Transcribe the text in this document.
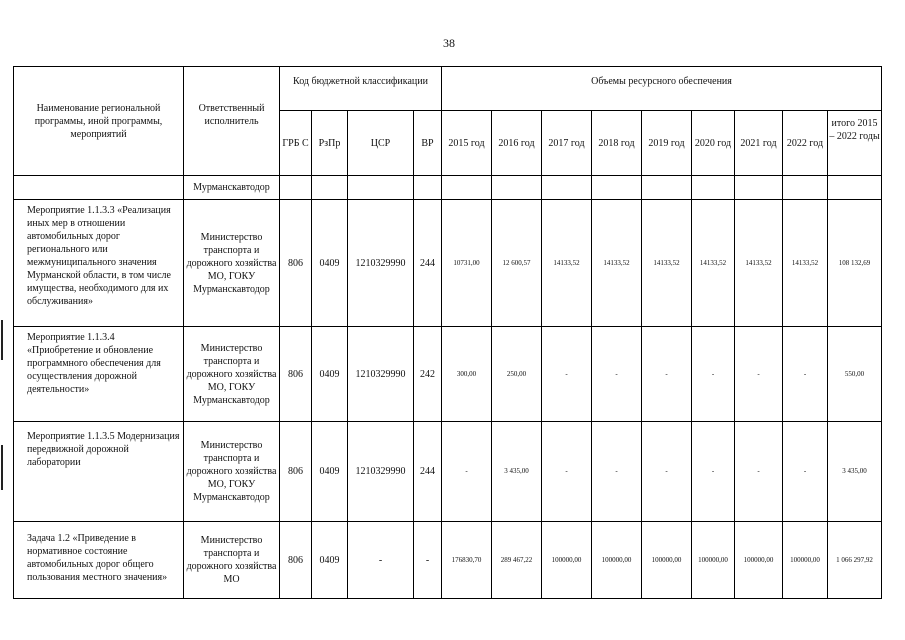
38
Наименование региональной программы, иной программы, мероприятий	Ответственный исполнитель	Код бюджетной классификации				Объемы ресурсного обеспечения								
		ГРБ С	РзПр	ЦСР	ВР	2015 год	2016 год	2017 год	2018 год	2019 год	2020 год	2021 год	2022 год	итого 2015 – 2022 годы
	Мурманскавтодор													
Мероприятие 1.1.3.3 «Реализация иных мер в отношении автомобильных дорог регионального или межмуниципального значения Мурманской области, в том числе имущества, необходимого для их обслуживания»	Министерство транспорта и дорожного хозяйства МО, ГОКУ Мурманскавтодор	806	0409	1210329990	244	10731,00	12 600,57	14133,52	14133,52	14133,52	14133,52	14133,52	14133,52	108 132,69
Мероприятие 1.1.3.4 «Приобретение и обновление программного обеспечения для осуществления дорожной деятельности»	Министерство транспорта и дорожного хозяйства МО, ГОКУ Мурманскавтодор	806	0409	1210329990	242	300,00	250,00	-	-	-	-	-	-	550,00
Мероприятие 1.1.3.5 Модернизация передвижной дорожной лаборатории	Министерство транспорта и дорожного хозяйства МО, ГОКУ Мурманскавтодор	806	0409	1210329990	244	-	3 435,00	-	-	-	-	-	-	3 435,00
Задача 1.2 «Приведение в нормативное состояние автомобильных дорог общего пользования местного значения»	Министерство транспорта и дорожного хозяйства МО	806	0409	-	-	176830,70	289 467,22	100000,00	100000,00	100000,00	100000,00	100000,00	100000,00	1 066 297,92
